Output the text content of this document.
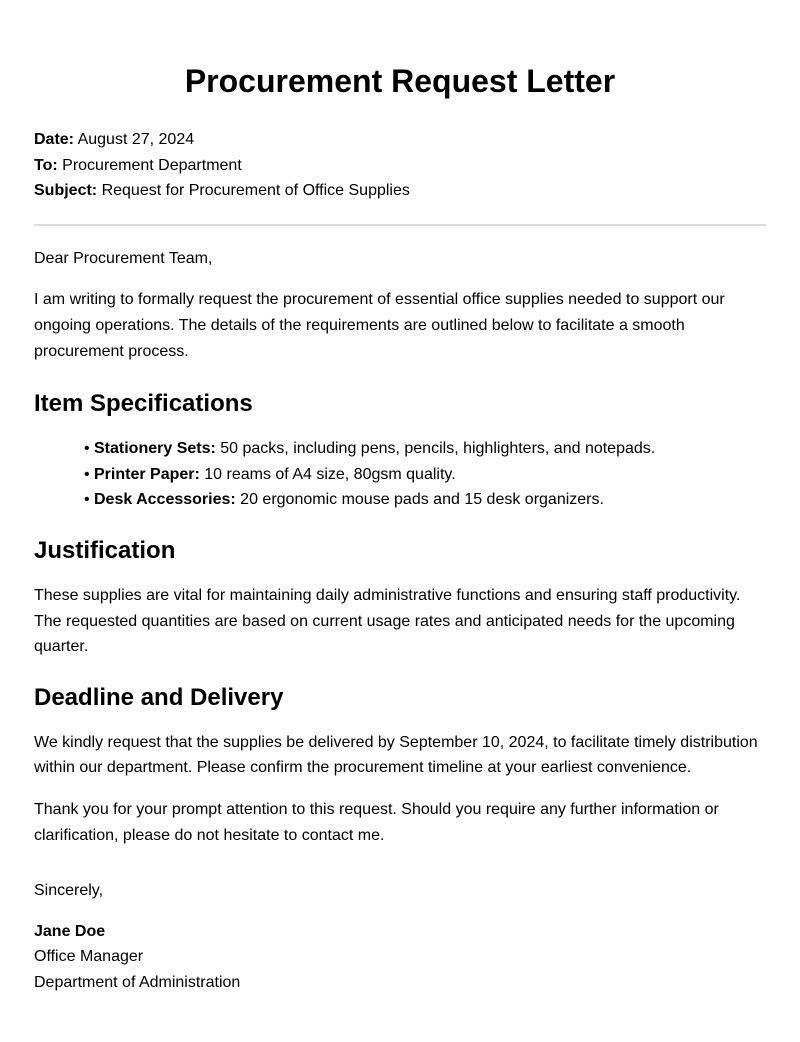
Procurement Request Letter
Date: August 27, 2024
To: Procurement Department
Subject: Request for Procurement of Office Supplies

Dear Procurement Team,

I am writing to formally request the procurement of essential office supplies needed to support our ongoing operations. The details of the requirements are outlined below to facilitate a smooth procurement process.

Item Specifications
• Stationery Sets: 50 packs, including pens, pencils, highlighters, and notepads.
• Printer Paper: 10 reams of A4 size, 80gsm quality.
• Desk Accessories: 20 ergonomic mouse pads and 15 desk organizers.
Justification

These supplies are vital for maintaining daily administrative functions and ensuring staff productivity. The requested quantities are based on current usage rates and anticipated needs for the upcoming quarter.

Deadline and Delivery

We kindly request that the supplies be delivered by September 10, 2024, to facilitate timely distribution within our department. Please confirm the procurement timeline at your earliest convenience.

Thank you for your prompt attention to this request. Should you require any further information or clarification, please do not hesitate to contact me.

Sincerely,

Jane Doe
Office Manager
Department of Administration
